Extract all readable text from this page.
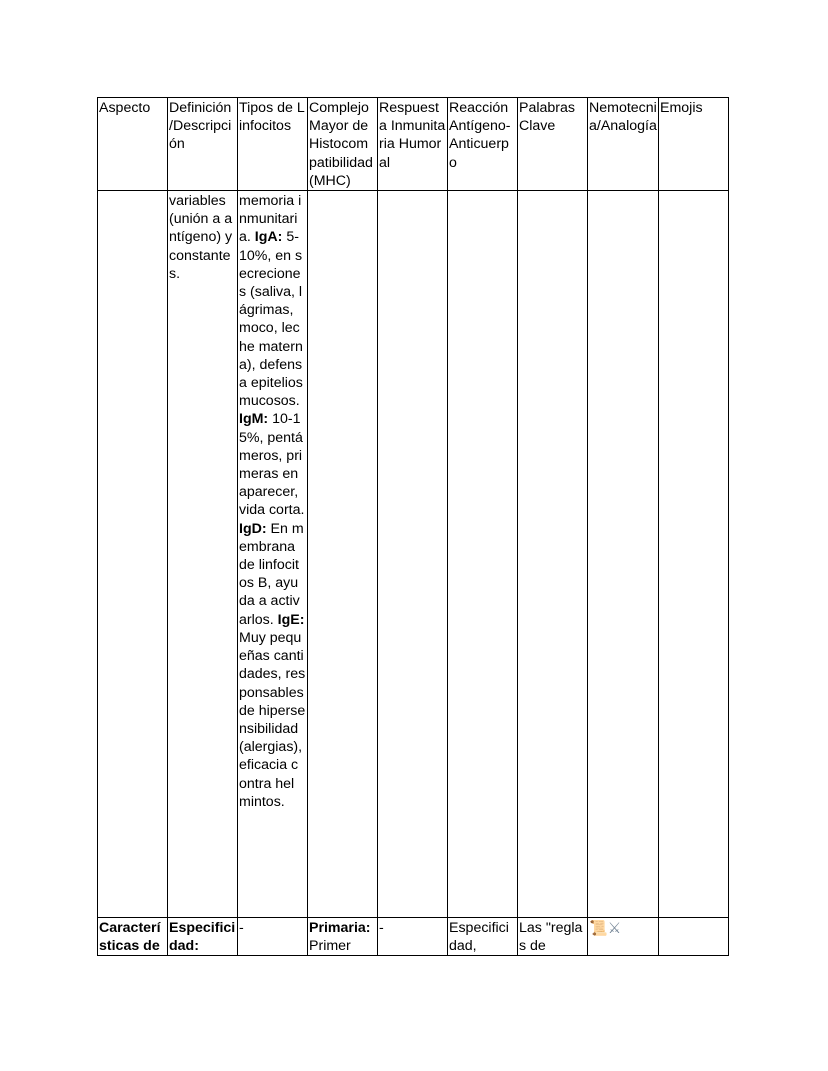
Aspecto	Definición /Descripción	Tipos de Linfocitos	Complejo Mayor de Histocompatibilidad (MHC)	Respuesta Inmunitaria Humoral	Reacción Antígeno-Anticuerpo	Palabras Clave	Nemotecnia/Analogía	Emojis
	variables (unión a antígeno) y constantes.	memoria inmunitaria. IgA: 5-10%, en secreciones (saliva, lágrimas, moco, leche materna), defensa epitelios mucosos. IgM: 10-15%, pentámeros, primeras en aparecer, vida corta. IgD: En membrana de linfocitos B, ayuda a activarlos. IgE: Muy pequeñas cantidades, responsables de hipersensibilidad (alergias), eficacia contra helmintos.						
Características de	Especificidad:	-	Primaria: Primer	-	Especificidad,	Las "reglas de	📜⚔	
